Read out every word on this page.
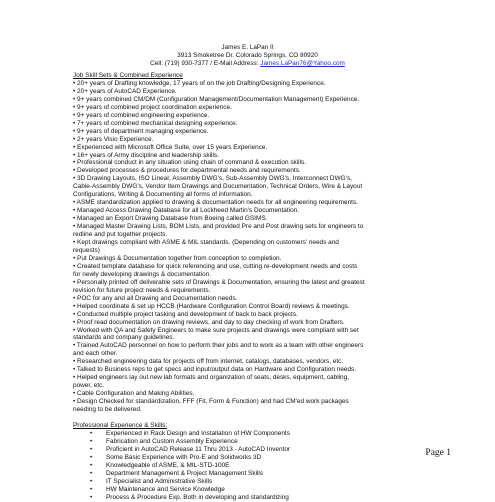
James E. LaPan II
3913 Smoketree Dr. Colorado Springs, CO 80920
Cell: (719) 930-7377 / E-Mail Address: James.LaPan76@Yahoo.com
Job Skill Sets & Combined Experience
• 20+ years of Drafting knowledge, 17 years of on the job Drafting/Designing Experience.
• 20+ years of AutoCAD Experience.
• 9+ years combined CM/DM (Configuration Management/Documentation Management) Experience.
• 9+ years of combined project coordination experience.
• 9+ years of combined engineering experience.
• 7+ years of combined mechanical designing experience.
• 9+ years of department managing experience.
• 2+ years Visio Experience.
• Experienced with Microsoft Office Suite, over 15 years Experience.
• 16+ years of Army discipline and leadership skills.
• Professional conduct in any situation using chain of command & execution skills.
• Developed processes & procedures for departmental needs and requirements.
• 3D Drawing Layouts, ISO Linear, Assembly DWG's, Sub-Assembly DWG's, Interconnect DWG's,
Cable-Assembly DWG's, Vendor Item Drawings and Documentation, Technical Orders, Wire & Layout
Configurations, Writing & Documenting all forms of information.
• ASME standardization applied to drawing & documentation needs for all engineering requirements.
• Managed Access Drawing Database for all Lockheed Martin's Documentation.
• Managed an Export Drawing Database from Boeing called GSIMS.
• Managed Master Drawing Lists, BOM Lists, and provided Pre and Post drawing sets for engineers to
redline and put together projects.
• Kept drawings compliant with ASME & MIL standards. (Depending on customers' needs and
requests)
• Put Drawings & Documentation together from conception to completion.
• Created template database for quick referencing and use, cutting re-development needs and costs
for newly developing drawings & documentation.
• Personally printed off deliverable sets of Drawings & Documentation, ensuring the latest and greatest
revision for future project needs & requirements.
• POC for any and all Drawing and Documentation needs.
• Helped coordinate & set up HCCB (Hardware Configuration Control Board) reviews & meetings.
• Conducted multiple project tasking and development of back to back projects.
• Proof read documentation on drawing reviews, and day to day checking of work from Drafters.
• Worked with QA and Safety Engineers to make sure projects and drawings were compliant with set
standards and company guidelines.
• Trained AutoCAD personnel on how to perform their jobs and to work as a team with other engineers
and each other.
• Researched engineering data for projects off from internet, catalogs, databases, vendors, etc.
• Talked to Business reps to get specs and input/output data on Hardware and Configuration needs.
• Helped engineers lay out new lab formats and organization of seats, desks, equipment, cabling,
power, etc.
• Cable Configuration and Making Abilities.
• Design Checked for standardization, FFF (Fit, Form & Function) and had CM'ed work packages
needing to be delivered.
Professional Experience & Skills:
• Experienced in Rack Design and Installation of HW Components
• Fabrication and Custom Assembly Experience
• Proficient in AutoCAD Release 11 Thru 2013 - AutoCAD Inventor
• Some Basic Experience with Pro-E and Solidworks 3D
• Knowledgeable of ASME, & MIL-STD-100E
• Department Management & Project Management Skills
• IT Specialist and Administrative Skills
• HW Maintenance and Service Knowledge
• Process & Procedure Exp. Both in developing and standardizing
Page 1
